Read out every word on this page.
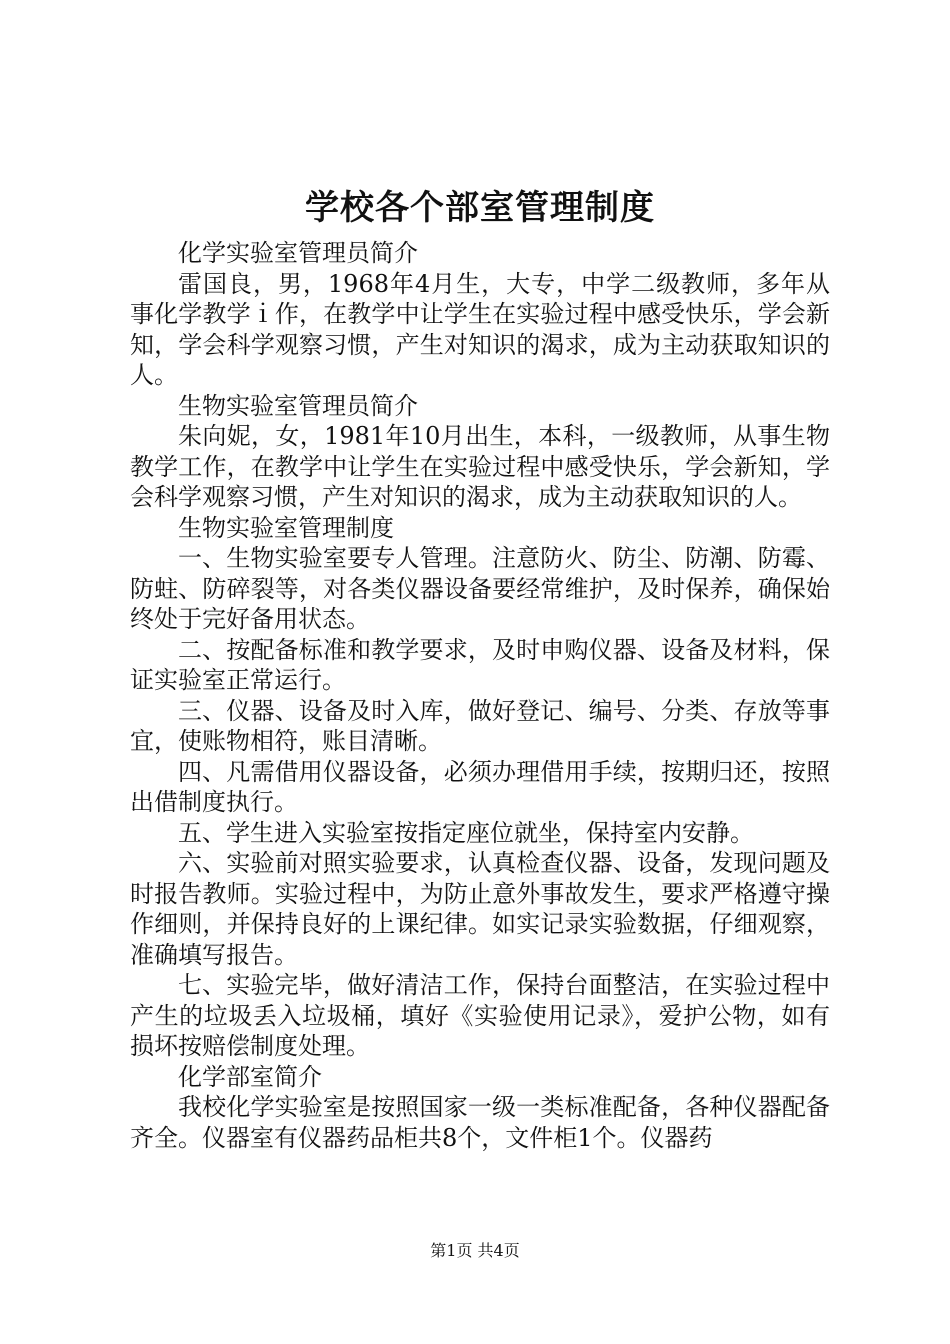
学校各个部室管理制度

化学实验室管理员简介

雷国良，男，1968年4月生，大专，中学二级教师，多年从事化学教学ｉ作，在教学中让学生在实验过程中感受快乐，学会新知，学会科学观察习惯，产生对知识的渴求，成为主动获取知识的人。

生物实验室管理员简介

朱向妮，女，1981年10月出生，本科，一级教师，从事生物教学工作，在教学中让学生在实验过程中感受快乐，学会新知，学会科学观察习惯，产生对知识的渴求，成为主动获取知识的人。

生物实验室管理制度

一、生物实验室要专人管理。注意防火、防尘、防潮、防霉、防蛀、防碎裂等，对各类仪器设备要经常维护，及时保养，确保始终处于完好备用状态。

二、按配备标准和教学要求，及时申购仪器、设备及材料，保证实验室正常运行。

三、仪器、设备及时入库，做好登记、编号、分类、存放等事宜，使账物相符，账目清晰。

四、凡需借用仪器设备，必须办理借用手续，按期归还，按照出借制度执行。

五、学生进入实验室按指定座位就坐，保持室内安静。

六、实验前对照实验要求，认真检查仪器、设备，发现问题及时报告教师。实验过程中，为防止意外事故发生，要求严格遵守操作细则，并保持良好的上课纪律。如实记录实验数据，仔细观察，准确填写报告。

七、实验完毕，做好清洁工作，保持台面整洁，在实验过程中产生的垃圾丢入垃圾桶，填好《实验使用记录》，爱护公物，如有损坏按赔偿制度处理。

化学部室简介

我校化学实验室是按照国家一级一类标准配备，各种仪器配备齐全。仪器室有仪器药品柜共8个，文件柜1个。仪器药

第1页 共4页
